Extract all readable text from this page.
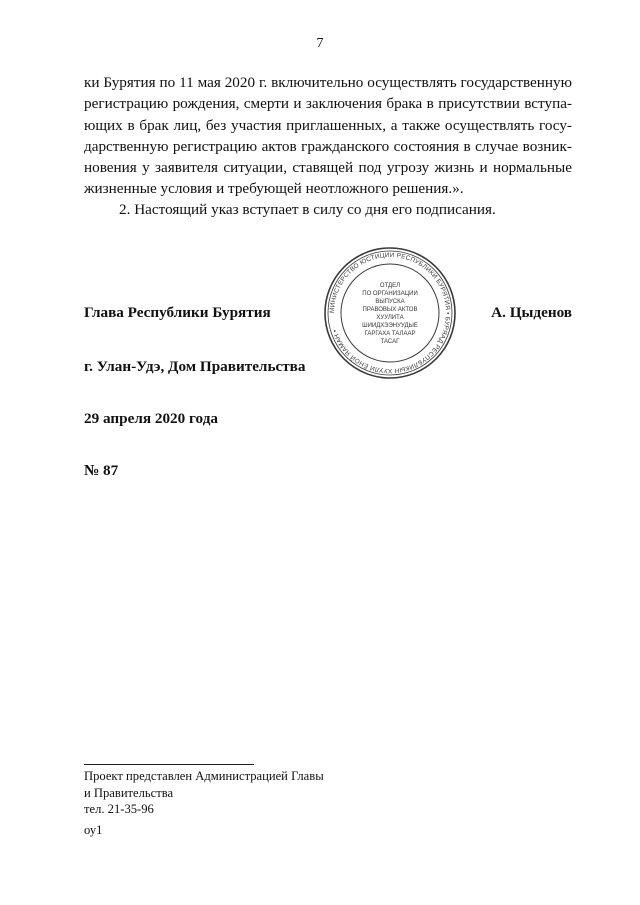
7
ки Бурятия по 11 мая 2020 г. включительно осуществлять государственную
регистрацию рождения, смерти и заключения брака в присутствии вступа-
ющих в брак лиц, без участия приглашенных, а также осуществлять госу-
дарственную регистрацию актов гражданского состояния в случае возник-
новения у заявителя ситуации, ставящей под угрозу жизнь и нормальные
жизненные условия и требующей неотложного решения.».

2. Настоящий указ вступает в силу со дня его подписания.

МИНИСТЕРСТВО ЮСТИЦИИ РЕСПУБЛИКИ БУРЯТИЯ • БУРЯАД РЕСПУБЛИКЫН ХУУЛИ ЁНОЙ ЯАМАН •
ОТДЕЛ
ПО ОРГАНИЗАЦИИ
ВЫПУСКА
ПРАВОВЫХ АКТОВ
ХУУЛИТА
ШИИДХЭЭНУУДЫЕ
ГАРГАХА ТАЛААР
ТАСАГ
Глава Республики Бурятия	А. Цыденов
г. Улан-Удэ, Дом Правительства
29 апреля 2020 года
№ 87
Проект представлен Администрацией Главы
и Правительства
тел. 21-35-96
оу1
